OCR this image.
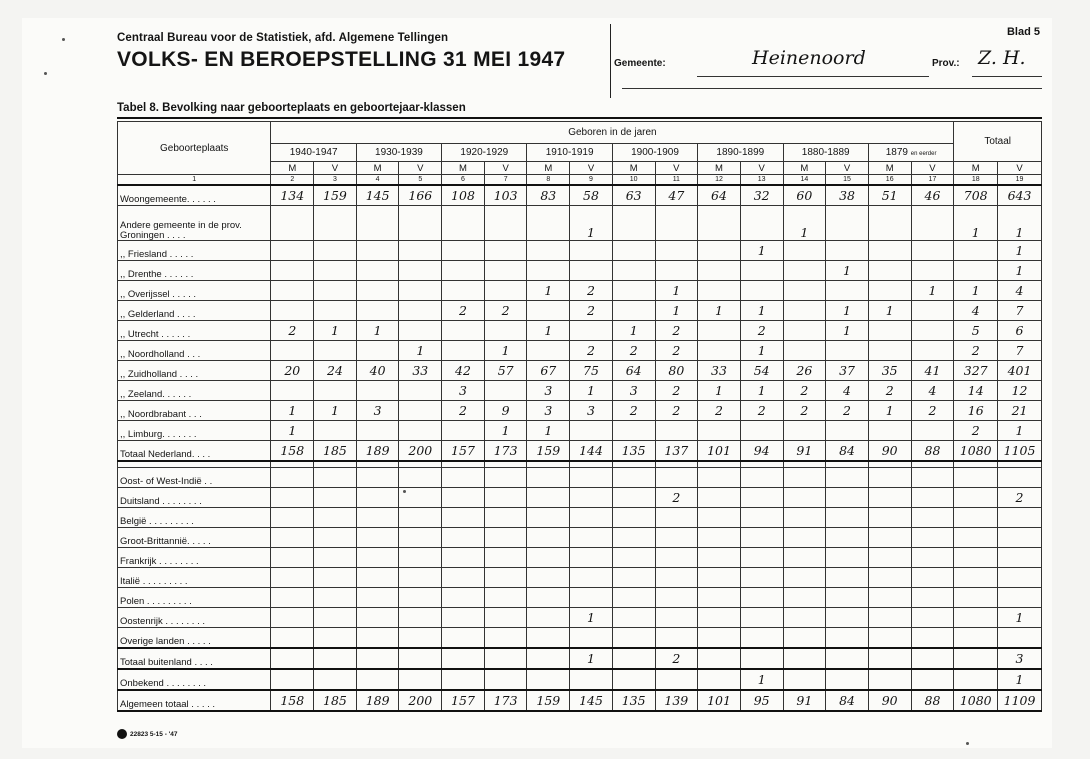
Centraal Bureau voor de Statistiek, afd. Algemene Tellingen
VOLKS- EN BEROEPSTELLING 31 MEI 1947
Blad 5
Gemeente:	Heinenoord	Prov.: Z. H.
Tabel 8. Bevolking naar geboorteplaats en geboortejaar-klassen
Geboorteplaats	Geboren in de jaren																Totaal	
	1940-1947		1930-1939		1920-1929		1910-1919		1900-1909		1890-1899		1880-1889		1879 en eerder			
	M	V	M	V	M	V	M	V	M	V	M	V	M	V	M	V	M	V
1	2	3	4	5	6	7	8	9	10	11	12	13	14	15	16	17	18	19
Woongemeente. . . . . .	134	159	145	166	108	103	83	58	63	47	64	32	60	38	51	46	708	643
Andere gemeente in de prov. Groningen . . . .								1					1				1	1
,, Friesland . . . . .												1						1
,, Drenthe . . . . . .														1				1
,, Overijssel . . . . .							1	2		1						1	1	4
,, Gelderland . . . .					2	2		2		1	1	1		1	1		4	7
,, Utrecht . . . . . .	2	1	1				1		1	2		2		1			5	6
,, Noordholland . . .				1		1		2	2	2		1					2	7
,, Zuidholland . . . .	20	24	40	33	42	57	67	75	64	80	33	54	26	37	35	41	327	401
,, Zeeland. . . . . .					3		3	1	3	2	1	1	2	4	2	4	14	12
,, Noordbrabant . . .	1	1	3		2	9	3	3	2	2	2	2	2	2	1	2	16	21
,, Limburg. . . . . . .	1					1	1										2	1
Totaal Nederland. . . .	158	185	189	200	157	173	159	144	135	137	101	94	91	84	90	88	1080	1105

Oost- of West-Indië . .																		
Duitsland . . . . . . . .										2								2
België . . . . . . . . .																		
Groot-Brittannië. . . . .																		
Frankrijk . . . . . . . .																		
Italië . . . . . . . . .																		
Polen . . . . . . . . .																		
Oostenrijk . . . . . . . .								1										1
Overige landen . . . . .																		
Totaal buitenland . . . .								1		2								3
Onbekend . . . . . . . .												1						1
Algemeen totaal . . . . .	158	185	189	200	157	173	159	145	135	139	101	95	91	84	90	88	1080	1109
22823 5-15 - '47
